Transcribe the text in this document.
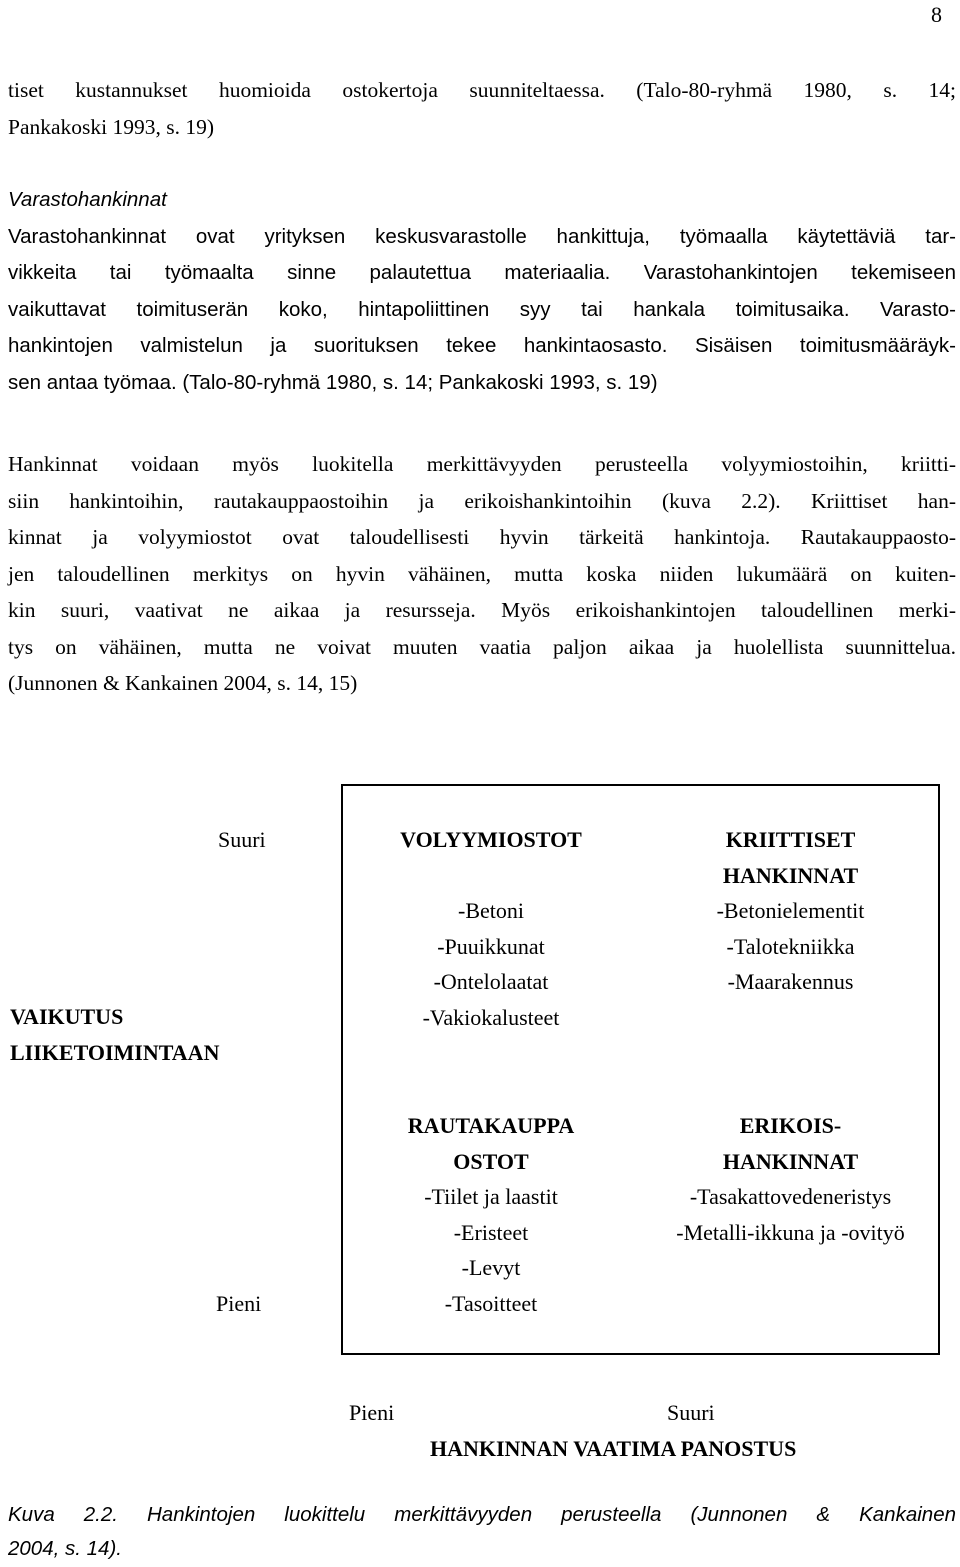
8
tiset kustannukset huomioida ostokertoja suunniteltaessa. (Talo-80-ryhmä 1980, s. 14;
Pankakoski 1993, s. 19)
Varastohankinnat
Varastohankinnat ovat yrityksen keskusvarastolle hankittuja, työmaalla käytettäviä tar-
vikkeita tai työmaalta sinne palautettua materiaalia. Varastohankintojen tekemiseen
vaikuttavat toimituserän koko, hintapoliittinen syy tai hankala toimitusaika. Varasto-
hankintojen valmistelun ja suorituksen tekee hankintaosasto. Sisäisen toimitusmääräyk-
sen antaa työmaa. (Talo-80-ryhmä 1980, s. 14; Pankakoski 1993, s. 19)
Hankinnat voidaan myös luokitella merkittävyyden perusteella volyymiostoihin, kriitti-
siin hankintoihin, rautakauppaostoihin ja erikoishankintoihin (kuva 2.2). Kriittiset han-
kinnat ja volyymiostot ovat taloudellisesti hyvin tärkeitä hankintoja. Rautakauppaosto-
jen taloudellinen merkitys on hyvin vähäinen, mutta koska niiden lukumäärä on kuiten-
kin suuri, vaativat ne aikaa ja resursseja. Myös erikoishankintojen taloudellinen merki-
tys on vähäinen, mutta ne voivat muuten vaatia paljon aikaa ja huolellista suunnittelua.
(Junnonen & Kankainen 2004, s. 14, 15)
Suuri
Pieni
VAIKUTUS
LIIKETOIMINTAAN
VOLYYMIOSTOT
-Betoni
-Puuikkunat
-Ontelolaatat
-Vakiokalusteet
KRIITTISET
HANKINNAT
-Betonielementit
-Talotekniikka
-Maarakennus
RAUTAKAUPPA
OSTOT
-Tiilet ja laastit
-Eristeet
-Levyt
-Tasoitteet
ERIKOIS-
HANKINNAT
-Tasakattovedeneristys
-Metalli-ikkuna ja -ovityö
Pieni	Suuri
HANKINNAN VAATIMA PANOSTUS
Kuva 2.2. Hankintojen luokittelu merkittävyyden perusteella (Junnonen & Kankainen
2004, s. 14).
